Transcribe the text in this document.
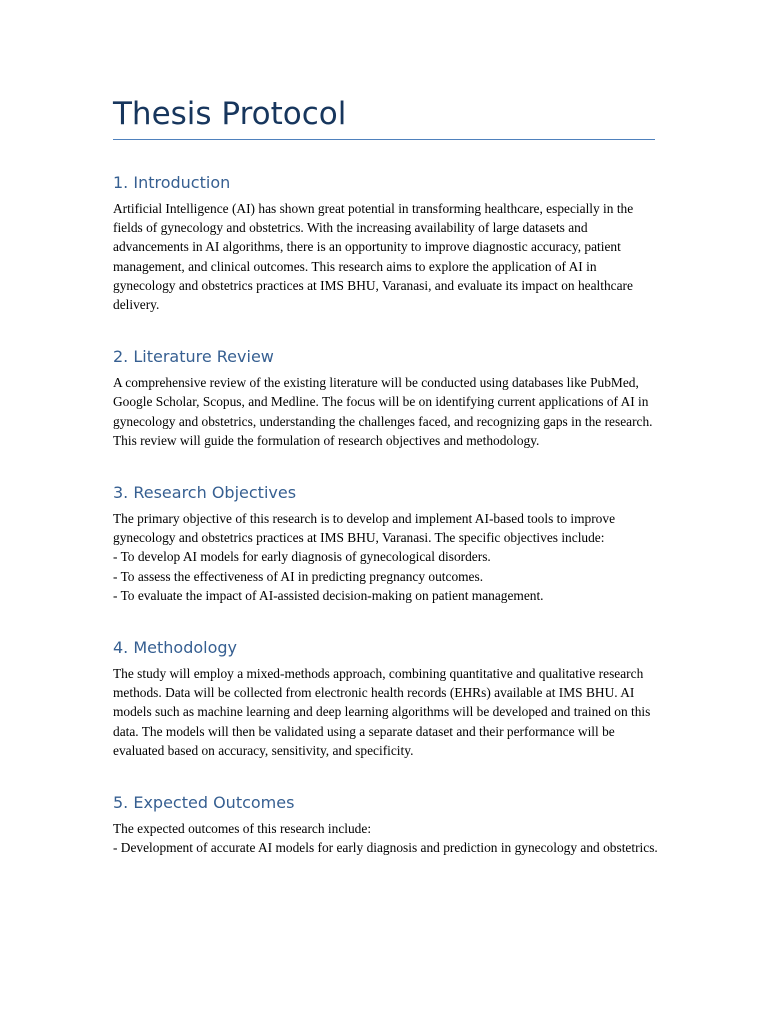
Thesis Protocol
1. Introduction

Artificial Intelligence (AI) has shown great potential in transforming healthcare, especially in the fields of gynecology and obstetrics. With the increasing availability of large datasets and advancements in AI algorithms, there is an opportunity to improve diagnostic accuracy, patient management, and clinical outcomes. This research aims to explore the application of AI in gynecology and obstetrics practices at IMS BHU, Varanasi, and evaluate its impact on healthcare delivery.

2. Literature Review

A comprehensive review of the existing literature will be conducted using databases like PubMed, Google Scholar, Scopus, and Medline. The focus will be on identifying current applications of AI in gynecology and obstetrics, understanding the challenges faced, and recognizing gaps in the research. This review will guide the formulation of research objectives and methodology.

3. Research Objectives
The primary objective of this research is to develop and implement AI-based tools to improve gynecology and obstetrics practices at IMS BHU, Varanasi. The specific objectives include:
- To develop AI models for early diagnosis of gynecological disorders.
- To assess the effectiveness of AI in predicting pregnancy outcomes.
- To evaluate the impact of AI-assisted decision-making on patient management.
4. Methodology

The study will employ a mixed-methods approach, combining quantitative and qualitative research methods. Data will be collected from electronic health records (EHRs) available at IMS BHU. AI models such as machine learning and deep learning algorithms will be developed and trained on this data. The models will then be validated using a separate dataset and their performance will be evaluated based on accuracy, sensitivity, and specificity.

5. Expected Outcomes
The expected outcomes of this research include:
- Development of accurate AI models for early diagnosis and prediction in gynecology and obstetrics.
